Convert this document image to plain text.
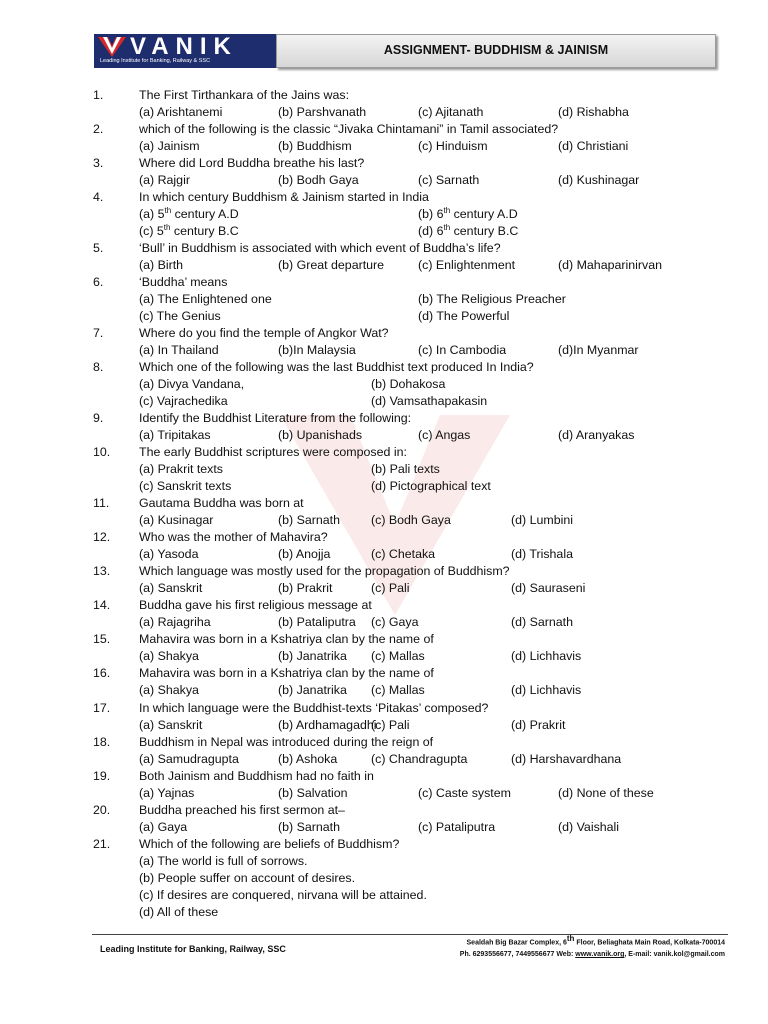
VANIK
Leading Institute for Banking, Railway & SSC
ASSIGNMENT- BUDDHISM & JAINISM
1.	The First Tirthankara of the Jains was:
(a) Arishtanemi	(b) Parshvanath	(c) Ajitanath	(d) Rishabha
2.	which of the following is the classic “Jivaka Chintamani” in Tamil associated?
(a) Jainism	(b) Buddhism	(c) Hinduism	(d) Christiani
3.	Where did Lord Buddha breathe his last?
(a) Rajgir	(b) Bodh Gaya	(c) Sarnath	(d) Kushinagar
4.	In which century Buddhism & Jainism started in India
(a) 5th century A.D	(b) 6th century A.D
(c) 5th century B.C	(d) 6th century B.C
5.	‘Bull’ in Buddhism is associated with which event of Buddha’s life?
(a) Birth	(b) Great departure	(c) Enlightenment	(d) Mahaparinirvan
6.	‘Buddha’ means
(a) The Enlightened one	(b) The Religious Preacher
(c) The Genius	(d) The Powerful
7.	Where do you find the temple of Angkor Wat?
(a) In Thailand	(b)In Malaysia	(c) In Cambodia	(d)In Myanmar
8.	Which one of the following was the last Buddhist text produced In India?
(a) Divya Vandana,	(b) Dohakosa
(c) Vajrachedika	(d) Vamsathapakasin
9.	Identify the Buddhist Literature from the following:
(a) Tripitakas	(b) Upanishads	(c) Angas	(d) Aranyakas
10. The early Buddhist scriptures were composed in:
(a) Prakrit texts	(b) Pali texts
(c) Sanskrit texts	(d) Pictographical text
11. Gautama Buddha was born at
(a) Kusinagar	(b) Sarnath	(c) Bodh Gaya	(d) Lumbini
12. Who was the mother of Mahavira?
(a) Yasoda	(b) Anojja	(c) Chetaka	(d) Trishala
13. Which language was mostly used for the propagation of Buddhism?
(a) Sanskrit	(b) Prakrit	(c) Pali	(d) Sauraseni
14. Buddha gave his first religious message at
(a) Rajagriha	(b) Pataliputra (c) Gaya	(d) Sarnath
15. Mahavira was born in a Kshatriya clan by the name of
(a) Shakya	(b) Janatrika (c) Mallas	(d) Lichhavis
16. Mahavira was born in a Kshatriya clan by the name of
(a) Shakya	(b) Janatrika (c) Mallas	(d) Lichhavis
17. In which language were the Buddhist-texts ‘Pitakas’ composed?
(a) Sanskrit	(b) Ardhamagadhi
(c) Pali	(d) Prakrit
18. Buddhism in Nepal was introduced during the reign of
(a) Samudragupta	(b) Ashoka	(c) Chandragupta	(d) Harshavardhana
19. Both Jainism and Buddhism had no faith in
(a) Yajnas	(b) Salvation	(c) Caste system	(d) None of these
20. Buddha preached his first sermon at–
(a) Gaya	(b) Sarnath	(c) Pataliputra	(d) Vaishali
21. Which of the following are beliefs of Buddhism?
(a) The world is full of sorrows.
(b) People suffer on account of desires.
(c) If desires are conquered, nirvana will be attained.
(d) All of these
Leading Institute for Banking, Railway, SSC
Sealdah Big Bazar Complex, 6th Floor, Beliaghata Main Road, Kolkata-700014
Ph. 6293556677, 7449556677 Web: www.vanik.org, E-mail: vanik.kol@gmail.com
